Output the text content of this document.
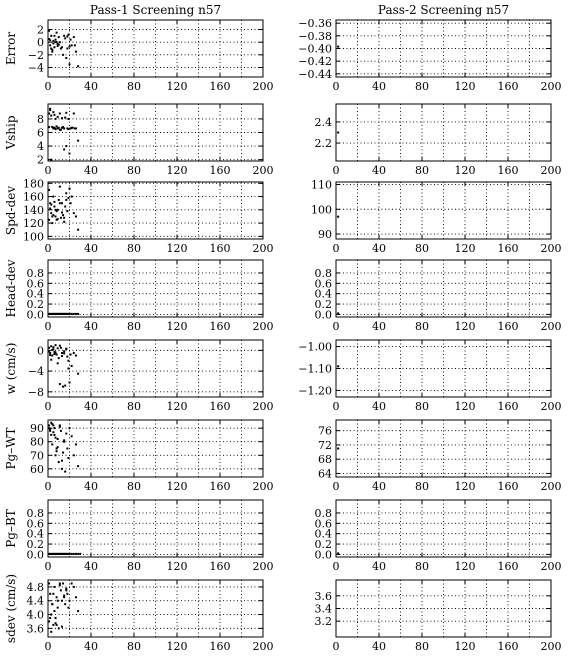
0	40	80 120 160 200
2
0
−2
−4
Error
Pass-1 Screening n57
0	40	80 120 160 200
−0.36
−0.38
−0.40
−0.42
−0.44
Pass-2 Screening n57
0	40	80 120 160 200
2
4
6
8
Vship
0	40	80 120 160 200
2.4
2.2
0	40	80 120 160 200
180
160
140
120
100
Spd-dev
0	40	80 120 160 200
110
100
90
0	40	80 120 160 200
0.8
0.6
0.4
0.2
0.0
Head-dev
0	40	80 120 160 200
0.8
0.6
0.4
0.2
0.0
0	40	80 120 160 200
0
−4
−8
w (cm/s)
0	40	80 120 160 200
−1.00
−1.10
−1.20
0	40	80 120 160 200
90
80
70
60
Pg–WT
0	40	80 120 160 200
76
72
68
64
0	40	80 120 160 200
0.8
0.6
0.4
0.2
0.0
Pg–BT
0	40	80 120 160 200
0.8
0.6
0.4
0.2
0.0
0	40	80 120 160 200
4.8
4.4
4.0
3.6
sdev (cm/s)
0	40	80 120 160 200
3.6
3.4
3.2
